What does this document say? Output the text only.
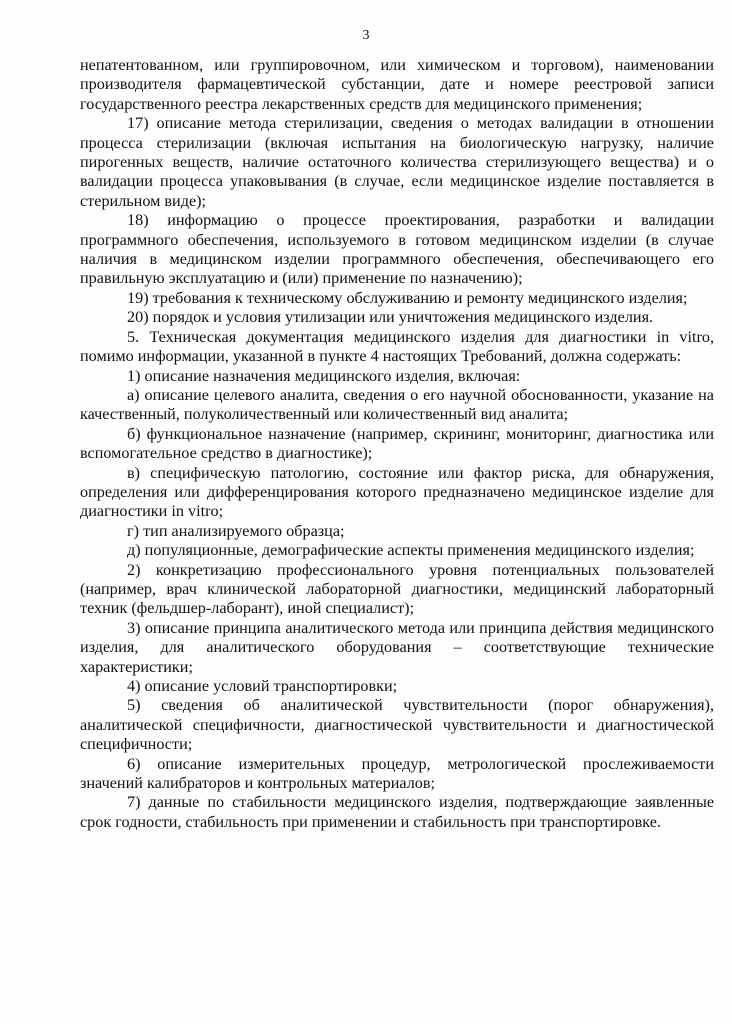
3

непатентованном, или группировочном, или химическом и торговом), наименовании производителя фармацевтической субстанции, дате и номере реестровой записи государственного реестра лекарственных средств для медицинского применения;

17) описание метода стерилизации, сведения о методах валидации в отношении процесса стерилизации (включая испытания на биологическую нагрузку, наличие пирогенных веществ, наличие остаточного количества стерилизующего вещества) и о валидации процесса упаковывания (в случае, если медицинское изделие поставляется в стерильном виде);

18) информацию о процессе проектирования, разработки и валидации программного обеспечения, используемого в готовом медицинском изделии (в случае наличия в медицинском изделии программного обеспечения, обеспечивающего его правильную эксплуатацию и (или) применение по назначению);

19) требования к техническому обслуживанию и ремонту медицинского изделия;

20) порядок и условия утилизации или уничтожения медицинского изделия.

5. Техническая документация медицинского изделия для диагностики in vitro, помимо информации, указанной в пункте 4 настоящих Требований, должна содержать:

1) описание назначения медицинского изделия, включая:

а) описание целевого аналита, сведения о его научной обоснованности, указание на качественный, полуколичественный или количественный вид аналита;

б) функциональное назначение (например, скрининг, мониторинг, диагностика или вспомогательное средство в диагностике);

в) специфическую патологию, состояние или фактор риска, для обнаружения, определения или дифференцирования которого предназначено медицинское изделие для диагностики in vitro;

г) тип анализируемого образца;

д) популяционные, демографические аспекты применения медицинского изделия;

2) конкретизацию профессионального уровня потенциальных пользователей (например, врач клинической лабораторной диагностики, медицинский лабораторный техник (фельдшер-лаборант), иной специалист);

3) описание принципа аналитического метода или принципа действия медицинского изделия, для аналитического оборудования – соответствующие технические характеристики;

4) описание условий транспортировки;

5) сведения об аналитической чувствительности (порог обнаружения), аналитической специфичности, диагностической чувствительности и диагностической специфичности;

6) описание измерительных процедур, метрологической прослеживаемости значений калибраторов и контрольных материалов;

7) данные по стабильности медицинского изделия, подтверждающие заявленные срок годности, стабильность при применении и стабильность при транспортировке.
